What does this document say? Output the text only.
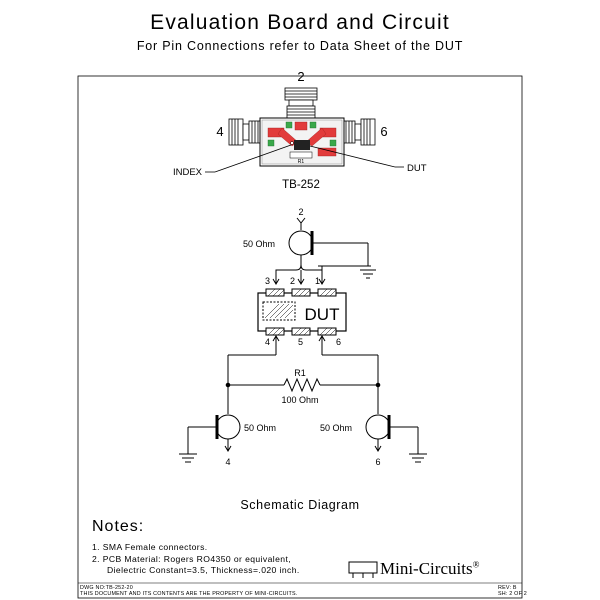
Evaluation Board and Circuit
For Pin Connections refer to Data Sheet of the DUT
2
4	6
R1
INDEX	DUT
TB-252
2
50 Ohm
3 2 1
DUT
4	5	6
R1
100 Ohm
50 Ohm
4
50 Ohm
6
Schematic Diagram
Notes:
1. SMA Female connectors.
2. PCB Material: Rogers RO4350 or equivalent,
Dielectric Constant=3.5, Thickness=.020 inch.	Mini-Circuits®
DWG NO:TB-252-20
THIS DOCUMENT AND ITS CONTENTS ARE THE PROPERTY OF MINI-CIRCUITS.
REV: B
SH: 2 OF 2
